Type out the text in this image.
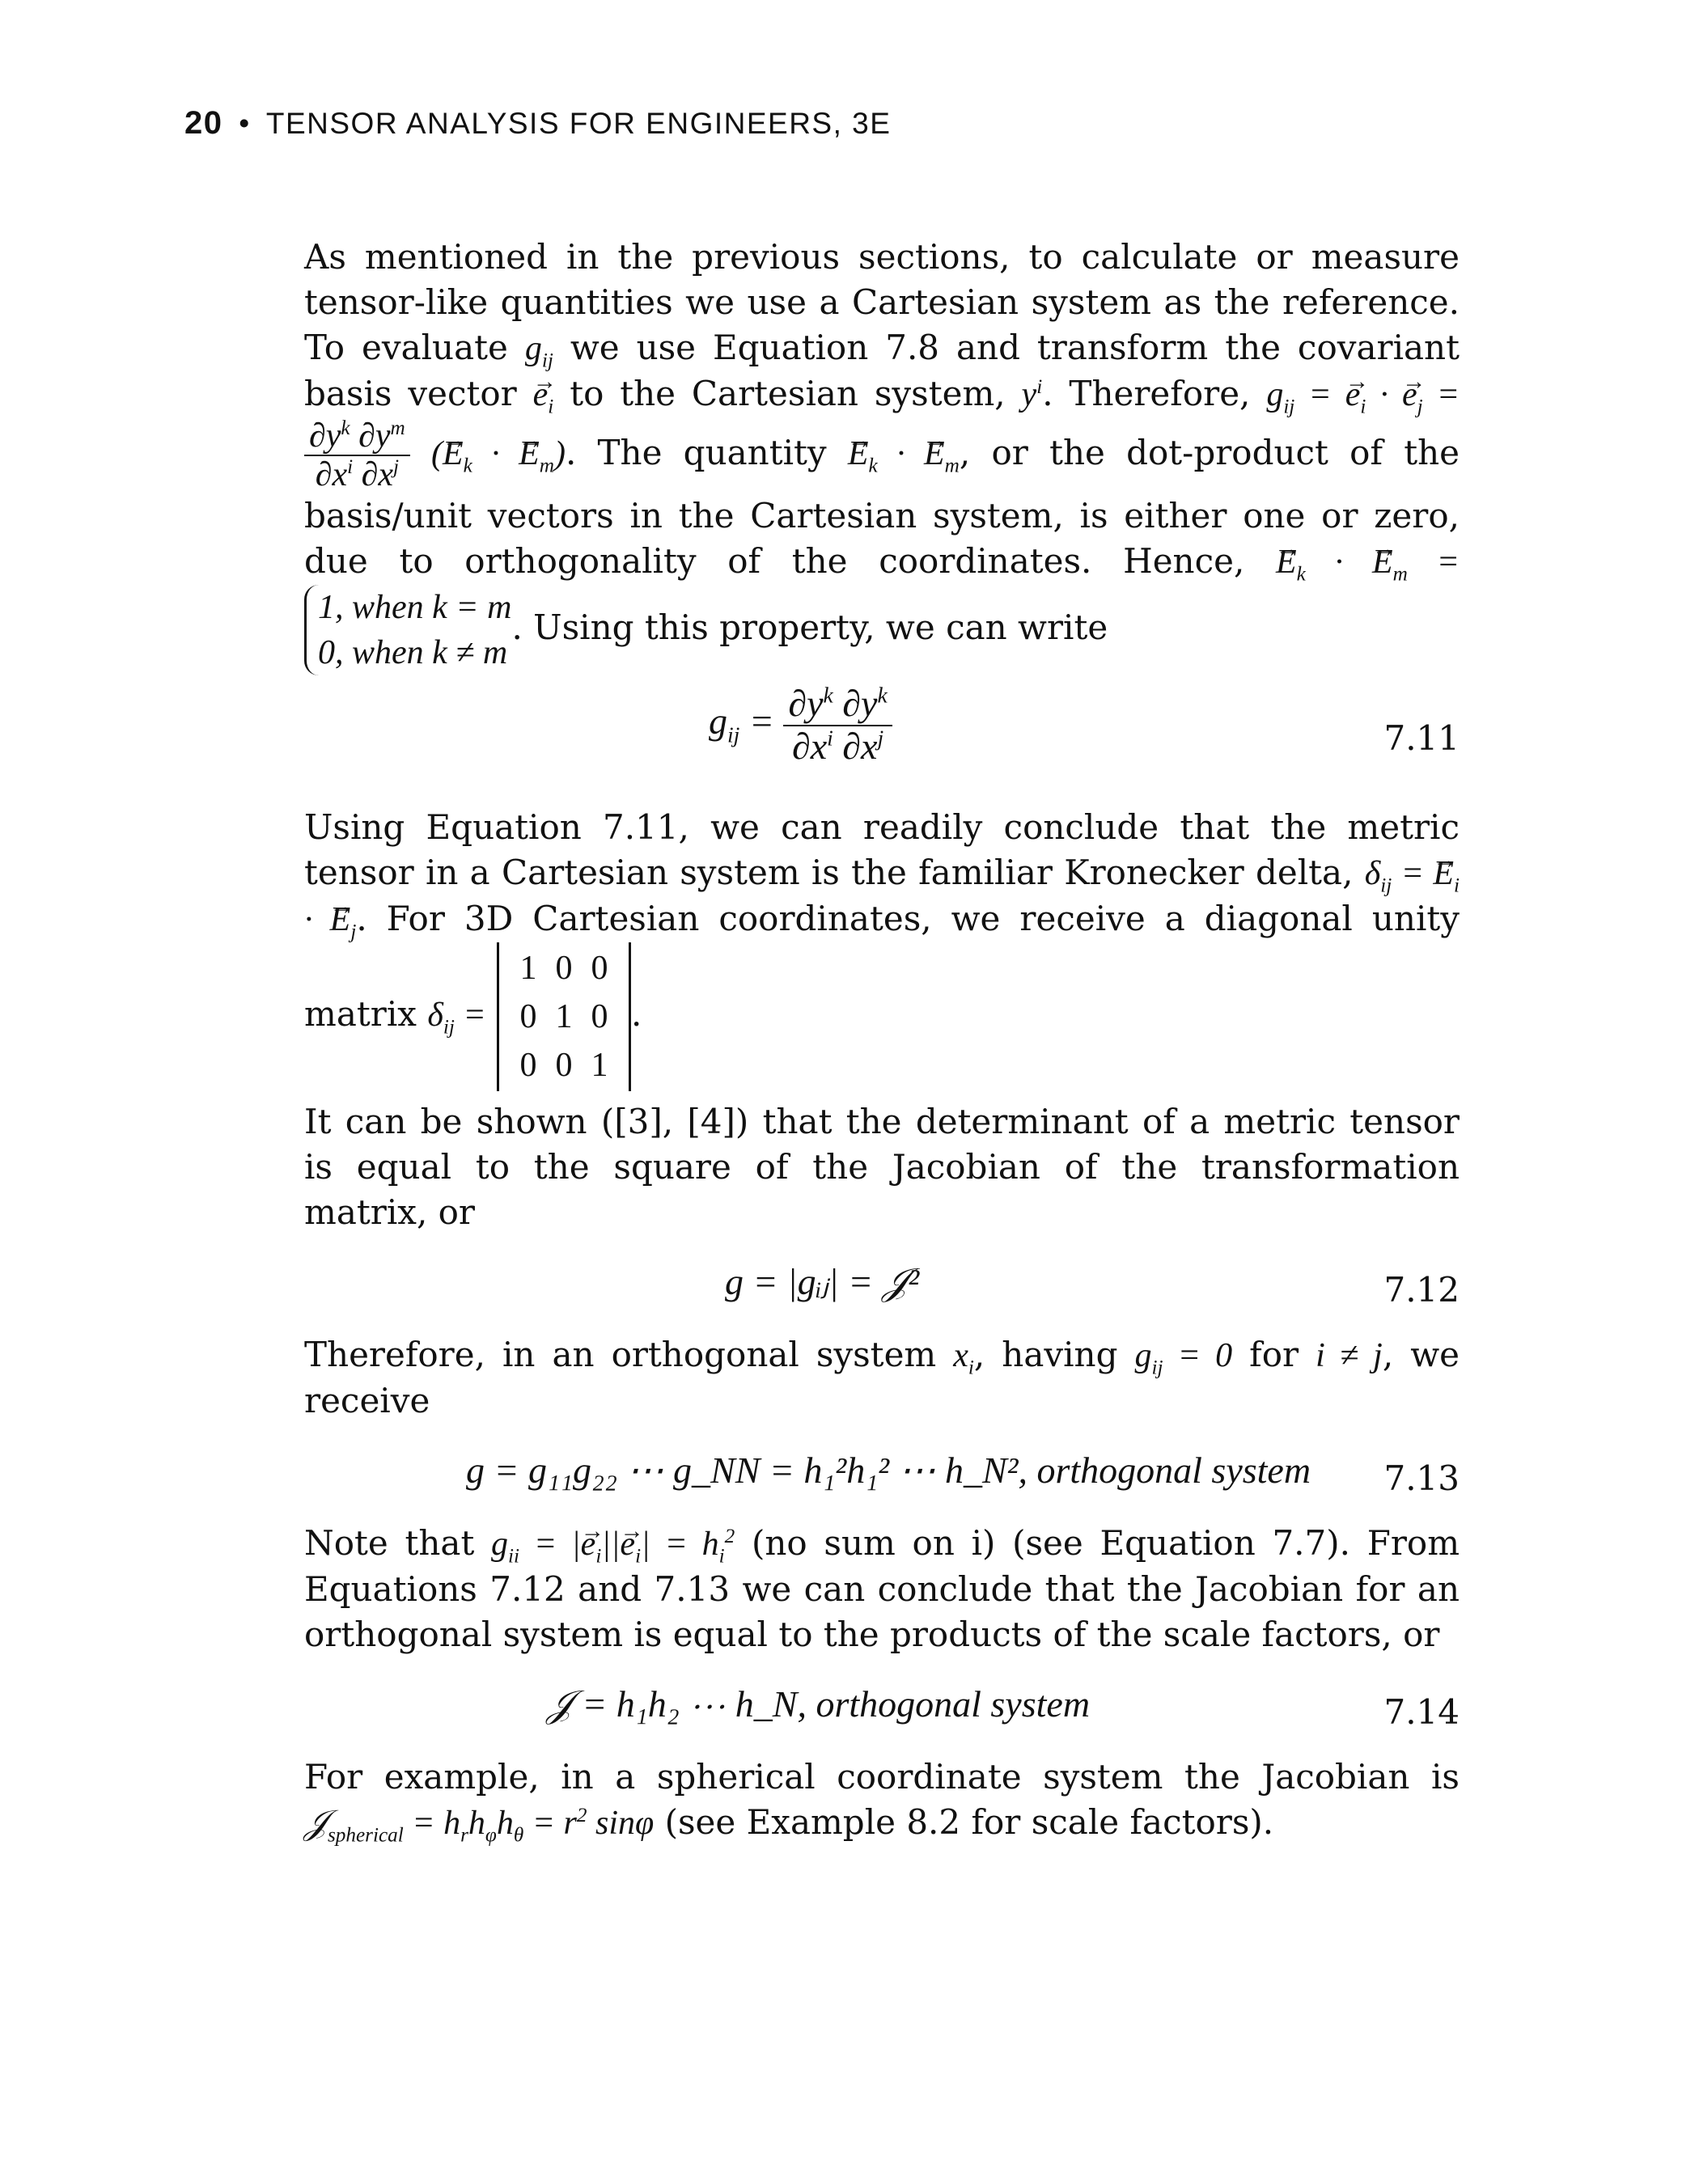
20 • TENSOR ANALYSIS FOR ENGINEERS, 3E

As mentioned in the previous sections, to calculate or measure tensor-like quantities we use a Cartesian system as the reference. To evaluate $g_{ij}$ we use Equation 7.8 and transform the covariant basis vector → $e_i$ to the Cartesian system, $y^i$. Therefore, $g_{ij}$ = → $e_i$ · → $e_j$ =
$\frac{\partial y^k \partial y^m}{\partial x^i \partial x^j}$ (→ $E_k$ · → $E_m$). The quantity → $E_k$ · → $E_m$, or the dot-product of the basis/unit vectors in the Cartesian system, is either one or zero, due to orthogonality of the coordinates. Hence, → $E_k$ · → $E_m$ =
1, when k = m
0, when k ≠ m
. Using this property, we can write

$g_{ij} = \frac{\partial y^k \partial y^k}{\partial x^i \partial x^j}$	7.11

Using Equation 7.11, we can readily conclude that the metric tensor in a Cartesian system is the familiar Kronecker delta, $\delta_{ij}$ = → $E_i$ · → $E_j$. For 3D Cartesian coordinates, we receive a diagonal unity matrix $\delta_{ij}$ =
1 0 0
0 1 0
0 0 1
.

It can be shown ([3], [4]) that the determinant of a metric tensor is equal to the square of the Jacobian of the transformation matrix, or

g = |gᵢⱼ| = 𝒥²	7.12

Therefore, in an orthogonal system $x_i$, having $g_{ij} = 0$ for i ≠ j, we receive

g = g₁₁g₂₂ ⋯ g_NN = h₁²h₁² ⋯ h_N², orthogonal system 7.13

Note that $g_{ii}$ = |→ $e_i||\to e_i| = h_i^2$ (no sum on i) (see Equation 7.7). From Equations 7.12 and 7.13 we can conclude that the Jacobian for an orthogonal system is equal to the products of the scale factors, or

𝒥 = h₁h₂ ⋯ h_N, orthogonal system	7.14

For example, in a spherical coordinate system the Jacobian is 𝒥$_{spherical}$ = $h_rh_\varphi h_\theta = r^2$ sinφ (see Example 8.2 for scale factors).
